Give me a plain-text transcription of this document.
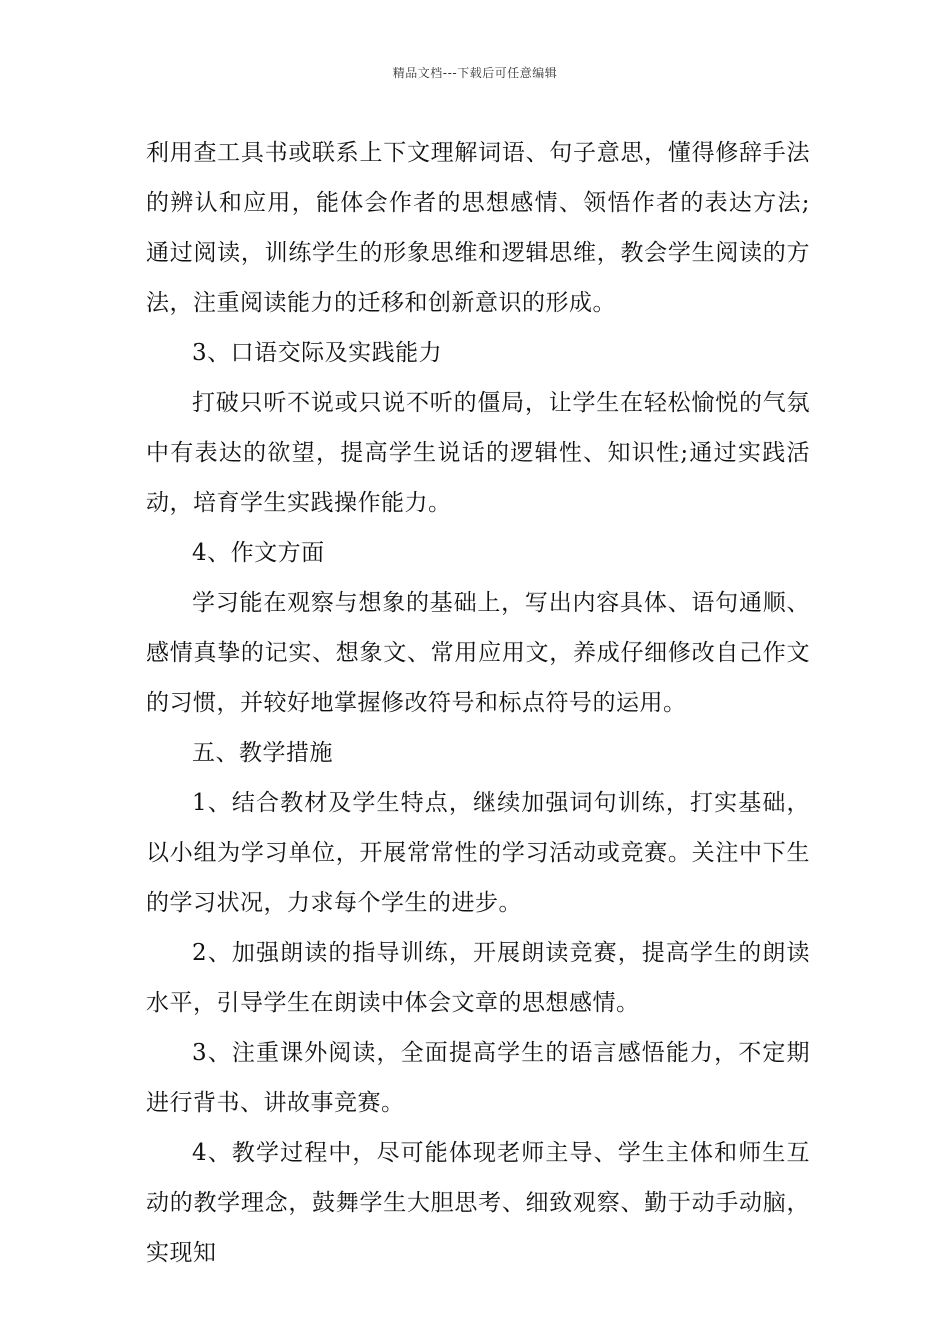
精品文档---下载后可任意编辑

利用查工具书或联系上下文理解词语、句子意思，懂得修辞手法的辨认和应用，能体会作者的思想感情、领悟作者的表达方法;通过阅读，训练学生的形象思维和逻辑思维，教会学生阅读的方法，注重阅读能力的迁移和创新意识的形成。

3、口语交际及实践能力

打破只听不说或只说不听的僵局，让学生在轻松愉悦的气氛中有表达的欲望，提高学生说话的逻辑性、知识性;通过实践活动，培育学生实践操作能力。

4、作文方面

学习能在观察与想象的基础上，写出内容具体、语句通顺、感情真挚的记实、想象文、常用应用文，养成仔细修改自己作文的习惯，并较好地掌握修改符号和标点符号的运用。

五、教学措施

1、结合教材及学生特点，继续加强词句训练，打实基础，以小组为学习单位，开展常常性的学习活动或竞赛。关注中下生的学习状况，力求每个学生的进步。

2、加强朗读的指导训练，开展朗读竞赛，提高学生的朗读水平，引导学生在朗读中体会文章的思想感情。

3、注重课外阅读，全面提高学生的语言感悟能力，不定期进行背书、讲故事竞赛。

4、教学过程中，尽可能体现老师主导、学生主体和师生互动的教学理念，鼓舞学生大胆思考、细致观察、勤于动手动脑，实现知
